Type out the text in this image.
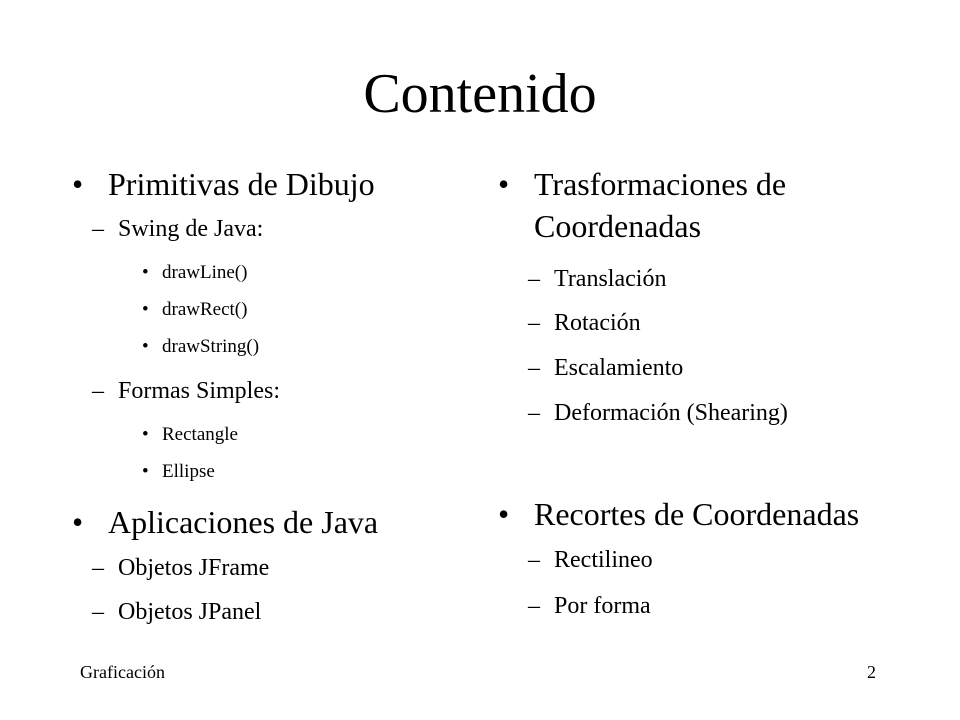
Contenido
• Primitivas de Dibujo
– Swing de Java:
• drawLine()
• drawRect()
• drawString()
– Formas Simples:
• Rectangle
• Ellipse
• Aplicaciones de Java
– Objetos JFrame
– Objetos JPanel
• Trasformaciones de
Coordenadas
– Translación
– Rotación
– Escalamiento
– Deformación (Shearing)
• Recortes de Coordenadas
– Rectilineo
– Por forma
Graficación	2
